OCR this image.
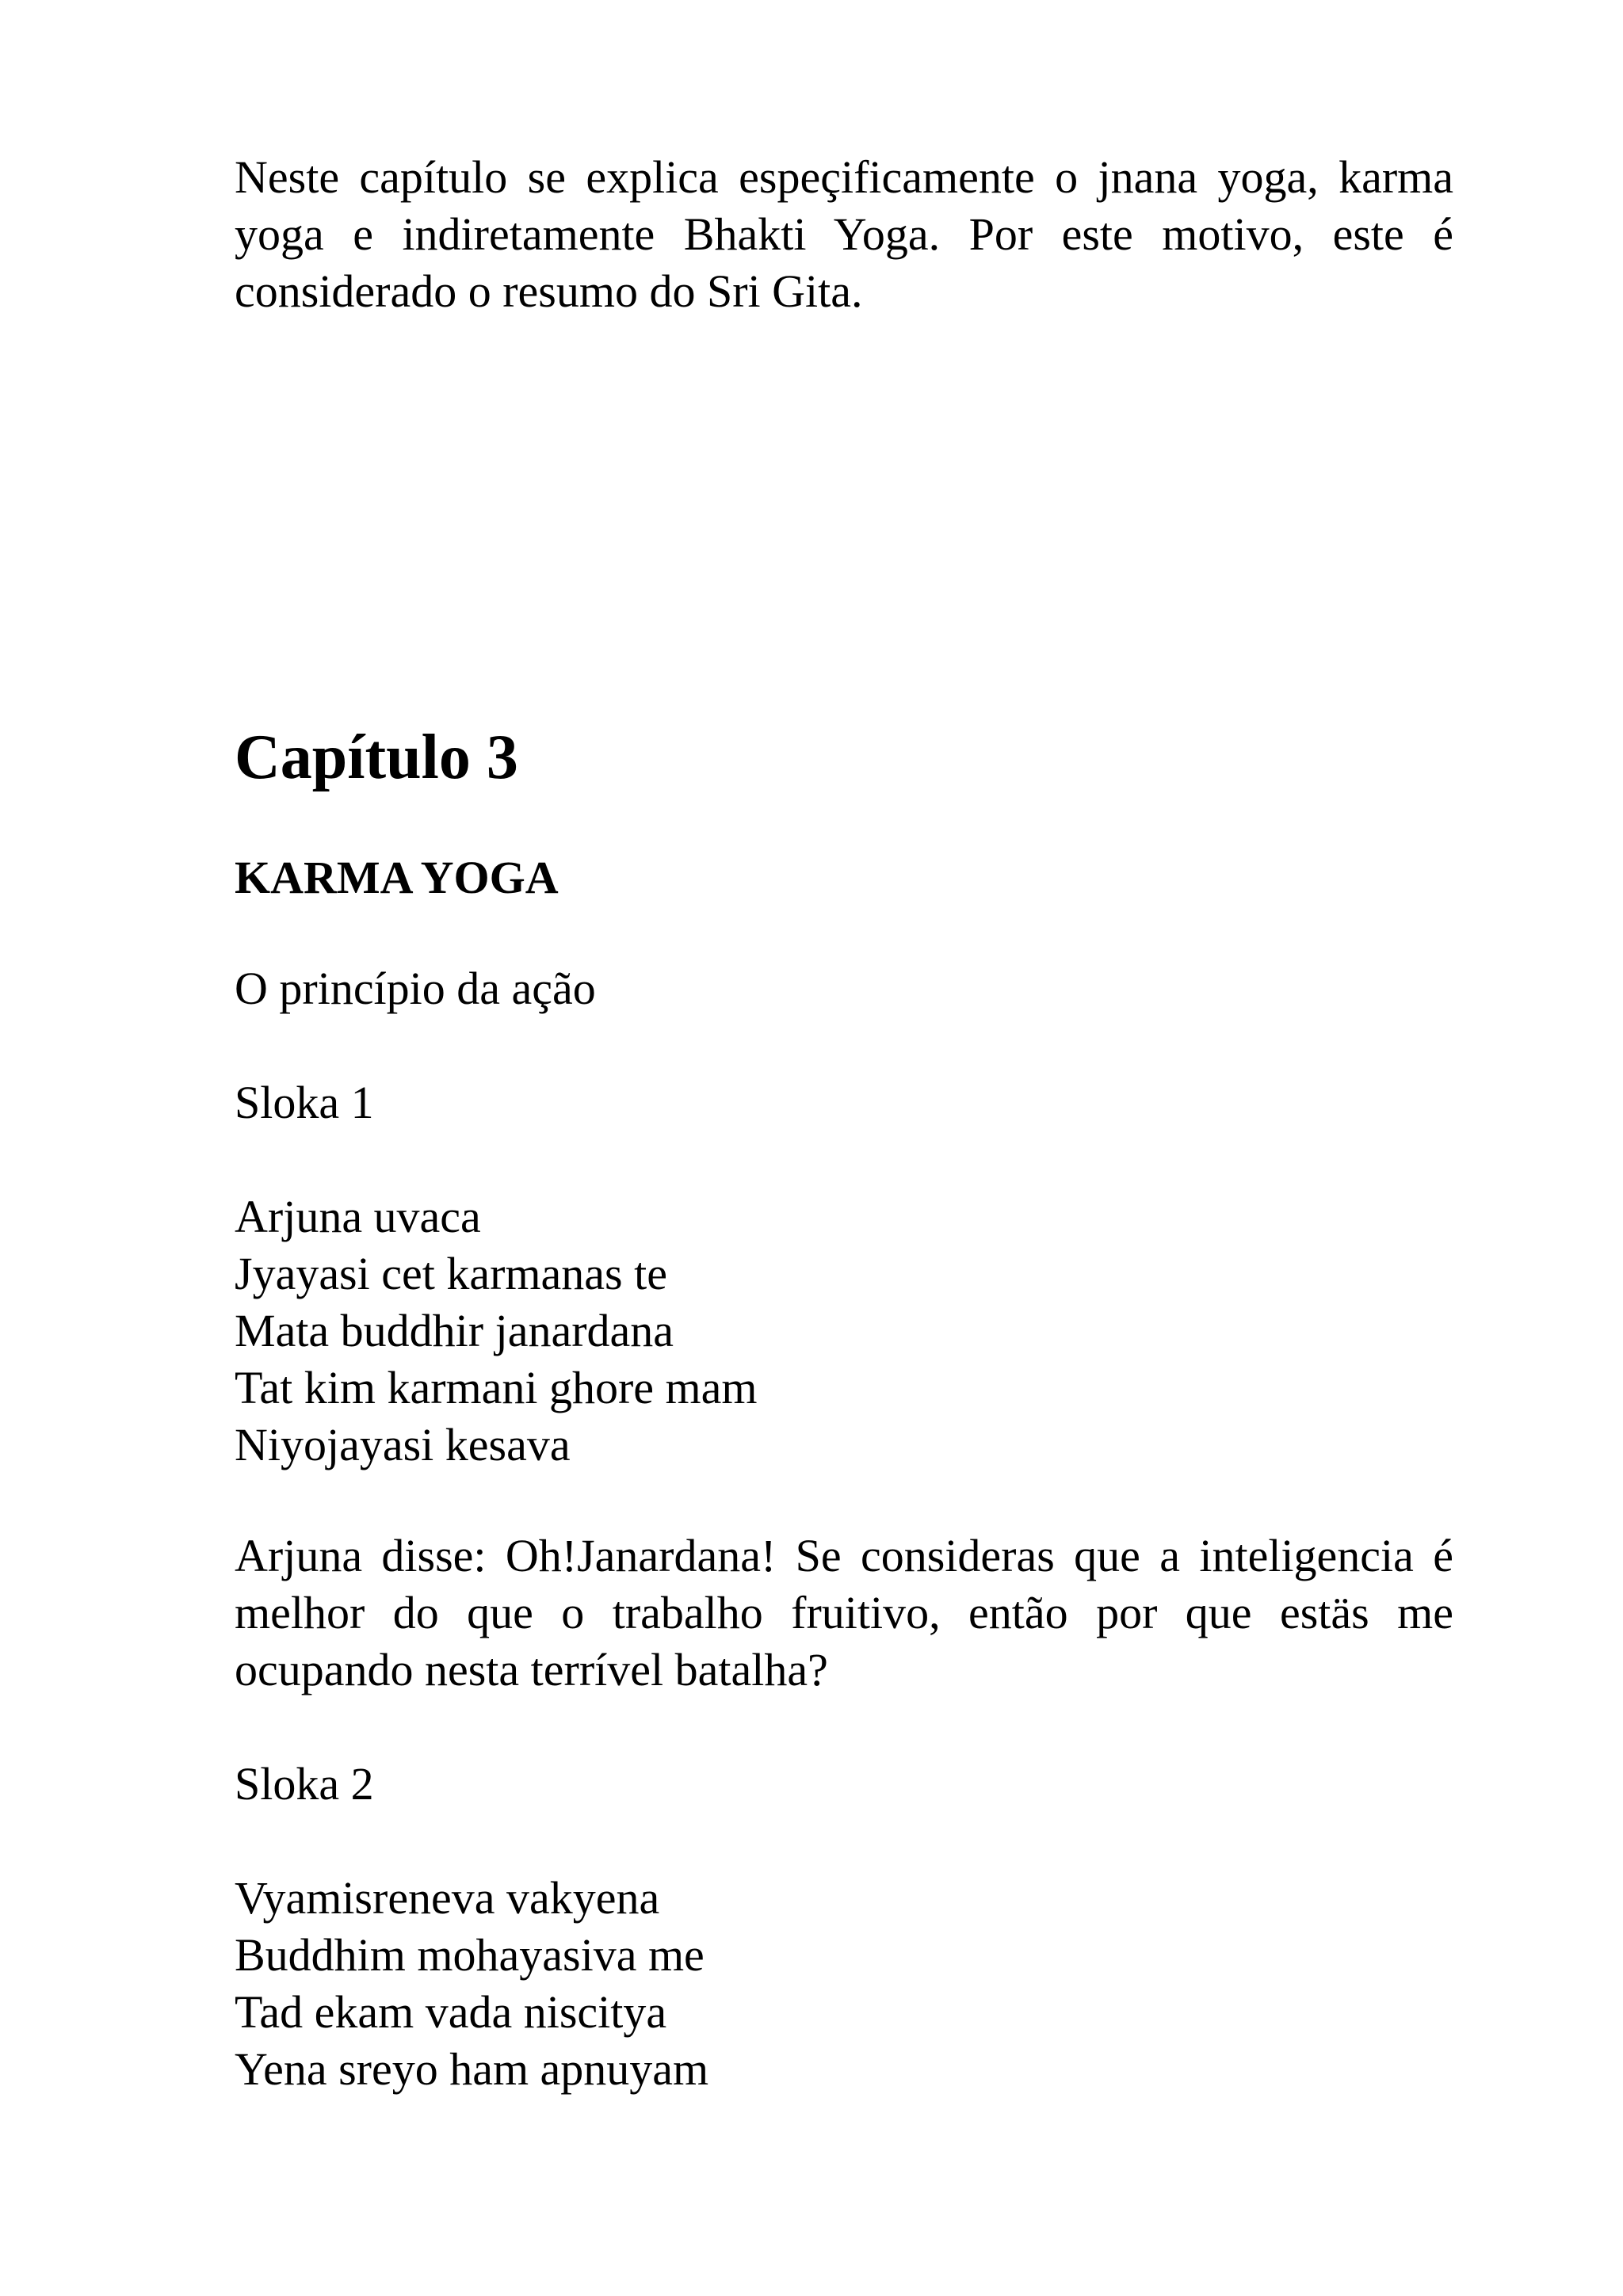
Neste capítulo se explica espeçificamente o jnana yoga, karma yoga e indiretamente Bhakti Yoga. Por este motivo, este é considerado o resumo do Sri Gita.

Capítulo 3
KARMA YOGA

O princípio da ação

Sloka 1

Arjuna uvaca
Jyayasi cet karmanas te
Mata buddhir janardana
Tat kim karmani ghore mam
Niyojayasi kesava

Arjuna disse: Oh!Janardana! Se consideras que a inteligencia é melhor do que o trabalho fruitivo, então por que estäs me ocupando nesta terrível batalha?

Sloka 2

Vyamisreneva vakyena
Buddhim mohayasiva me
Tad ekam vada niscitya
Yena sreyo ham apnuyam
